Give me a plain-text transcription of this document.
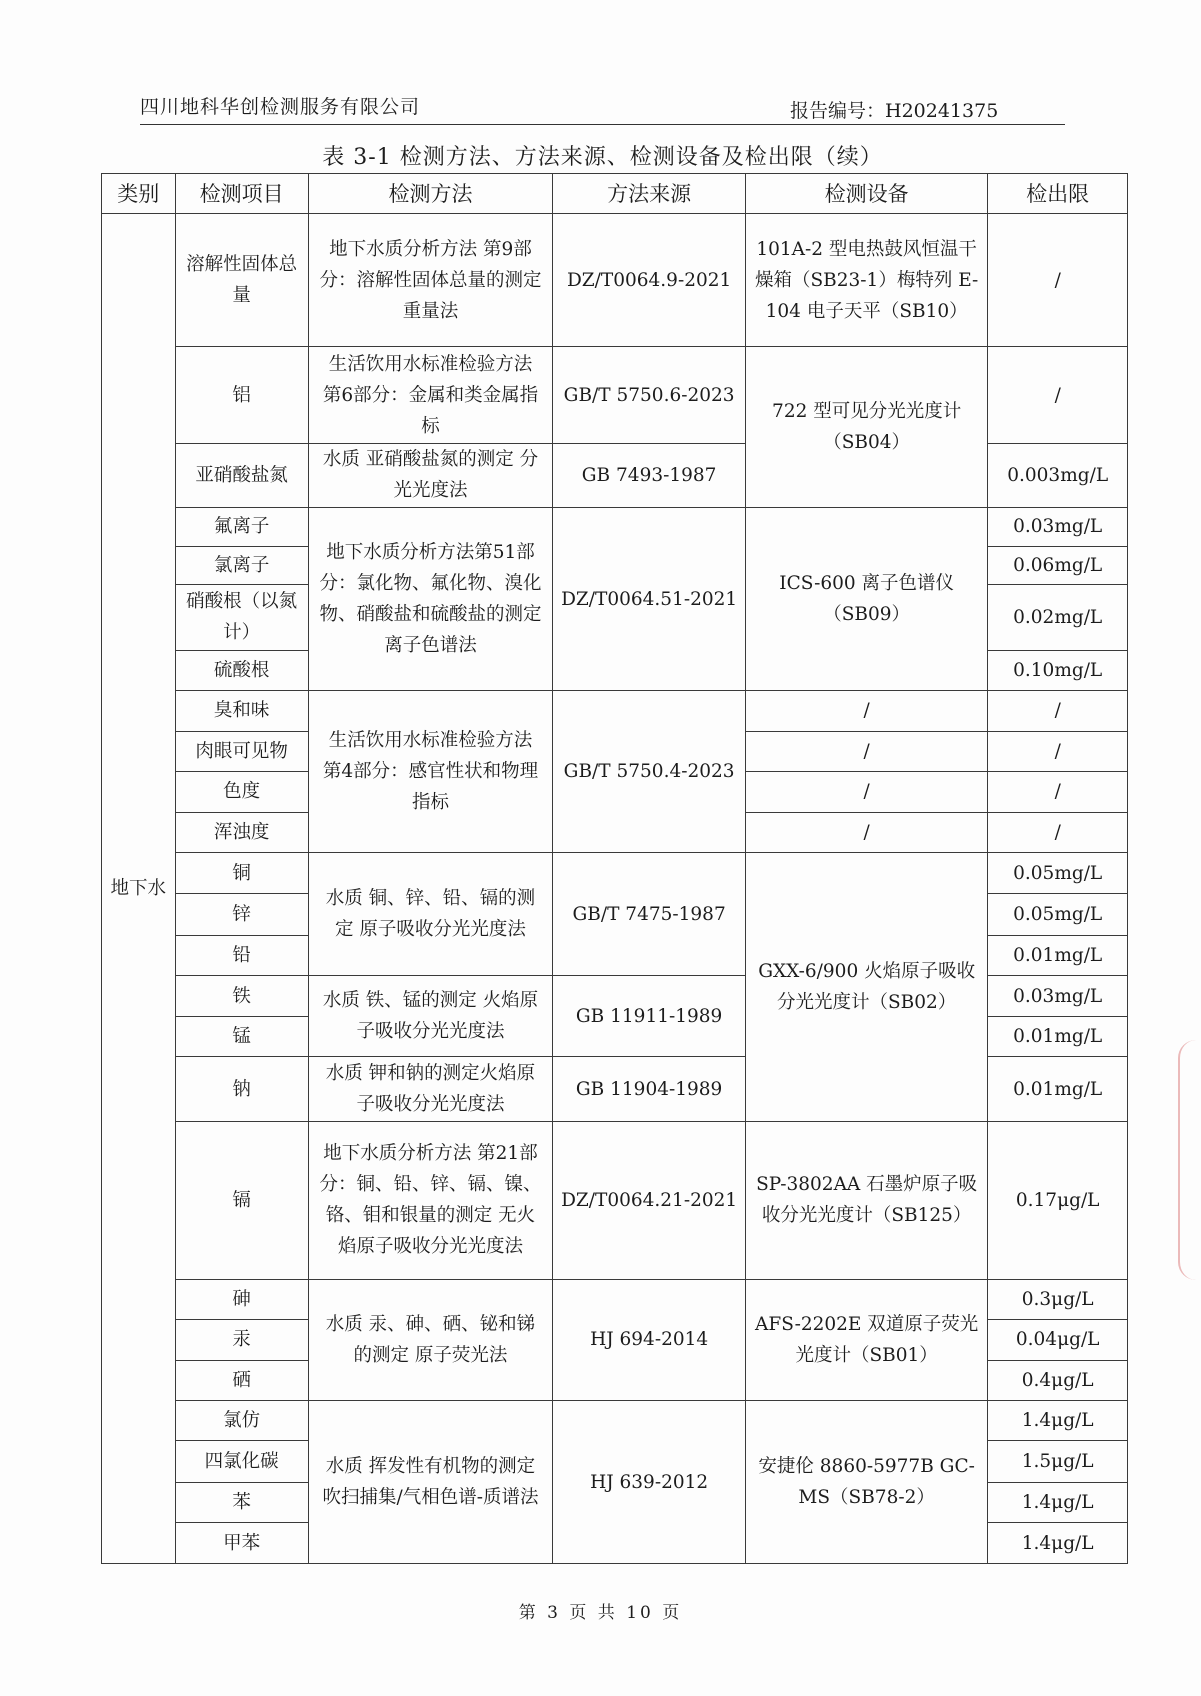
四川地科华创检测服务有限公司	报告编号：H20241375
表 3-1 检测方法、方法来源、检测设备及检出限（续）
类别	检测项目	检测方法	方法来源	检测设备	检出限
地下水	溶解性固体总量	地下水质分析方法 第9部分：溶解性固体总量的测定 重量法	DZ/T0064.9-2021	101A-2 型电热鼓风恒温干燥箱（SB23-1）梅特列 E-104 电子天平（SB10）	/
	铝	生活饮用水标准检验方法 第6部分：金属和类金属指标	GB/T 5750.6-2023	722 型可见分光光度计（SB04）	/
	亚硝酸盐氮	水质 亚硝酸盐氮的测定 分光光度法	GB 7493-1987		0.003mg/L
	氟离子	地下水质分析方法第51部分：氯化物、氟化物、溴化物、硝酸盐和硫酸盐的测定离子色谱法	DZ/T0064.51-2021	ICS-600 离子色谱仪（SB09）	0.03mg/L
	氯离子				0.06mg/L
	硝酸根（以氮计）				0.02mg/L
	硫酸根				0.10mg/L
	臭和味	生活饮用水标准检验方法 第4部分：感官性状和物理指标	GB/T 5750.4-2023	/	/
	肉眼可见物			/	/
	色度			/	/
	浑浊度			/	/
	铜	水质 铜、锌、铅、镉的测定 原子吸收分光光度法	GB/T 7475-1987	GXX-6/900 火焰原子吸收分光光度计（SB02）	0.05mg/L
	锌				0.05mg/L
	铅				0.01mg/L
	铁	水质 铁、锰的测定 火焰原子吸收分光光度法	GB 11911-1989		0.03mg/L
	锰				0.01mg/L
	钠	水质 钾和钠的测定火焰原子吸收分光光度法	GB 11904-1989		0.01mg/L
	镉	地下水质分析方法 第21部分：铜、铅、锌、镉、镍、铬、钼和银量的测定 无火焰原子吸收分光光度法	DZ/T0064.21-2021	SP-3802AA 石墨炉原子吸收分光光度计（SB125）	0.17μg/L
	砷	水质 汞、砷、硒、铋和锑的测定 原子荧光法	HJ 694-2014	AFS-2202E 双道原子荧光光度计（SB01）	0.3μg/L
	汞				0.04μg/L
	硒				0.4μg/L
	氯仿	水质 挥发性有机物的测定 吹扫捕集/气相色谱-质谱法	HJ 639-2012	安捷伦 8860-5977B GC-MS（SB78-2）	1.4μg/L
	四氯化碳				1.5μg/L
	苯				1.4μg/L
	甲苯				1.4μg/L
第 3 页 共 10 页
